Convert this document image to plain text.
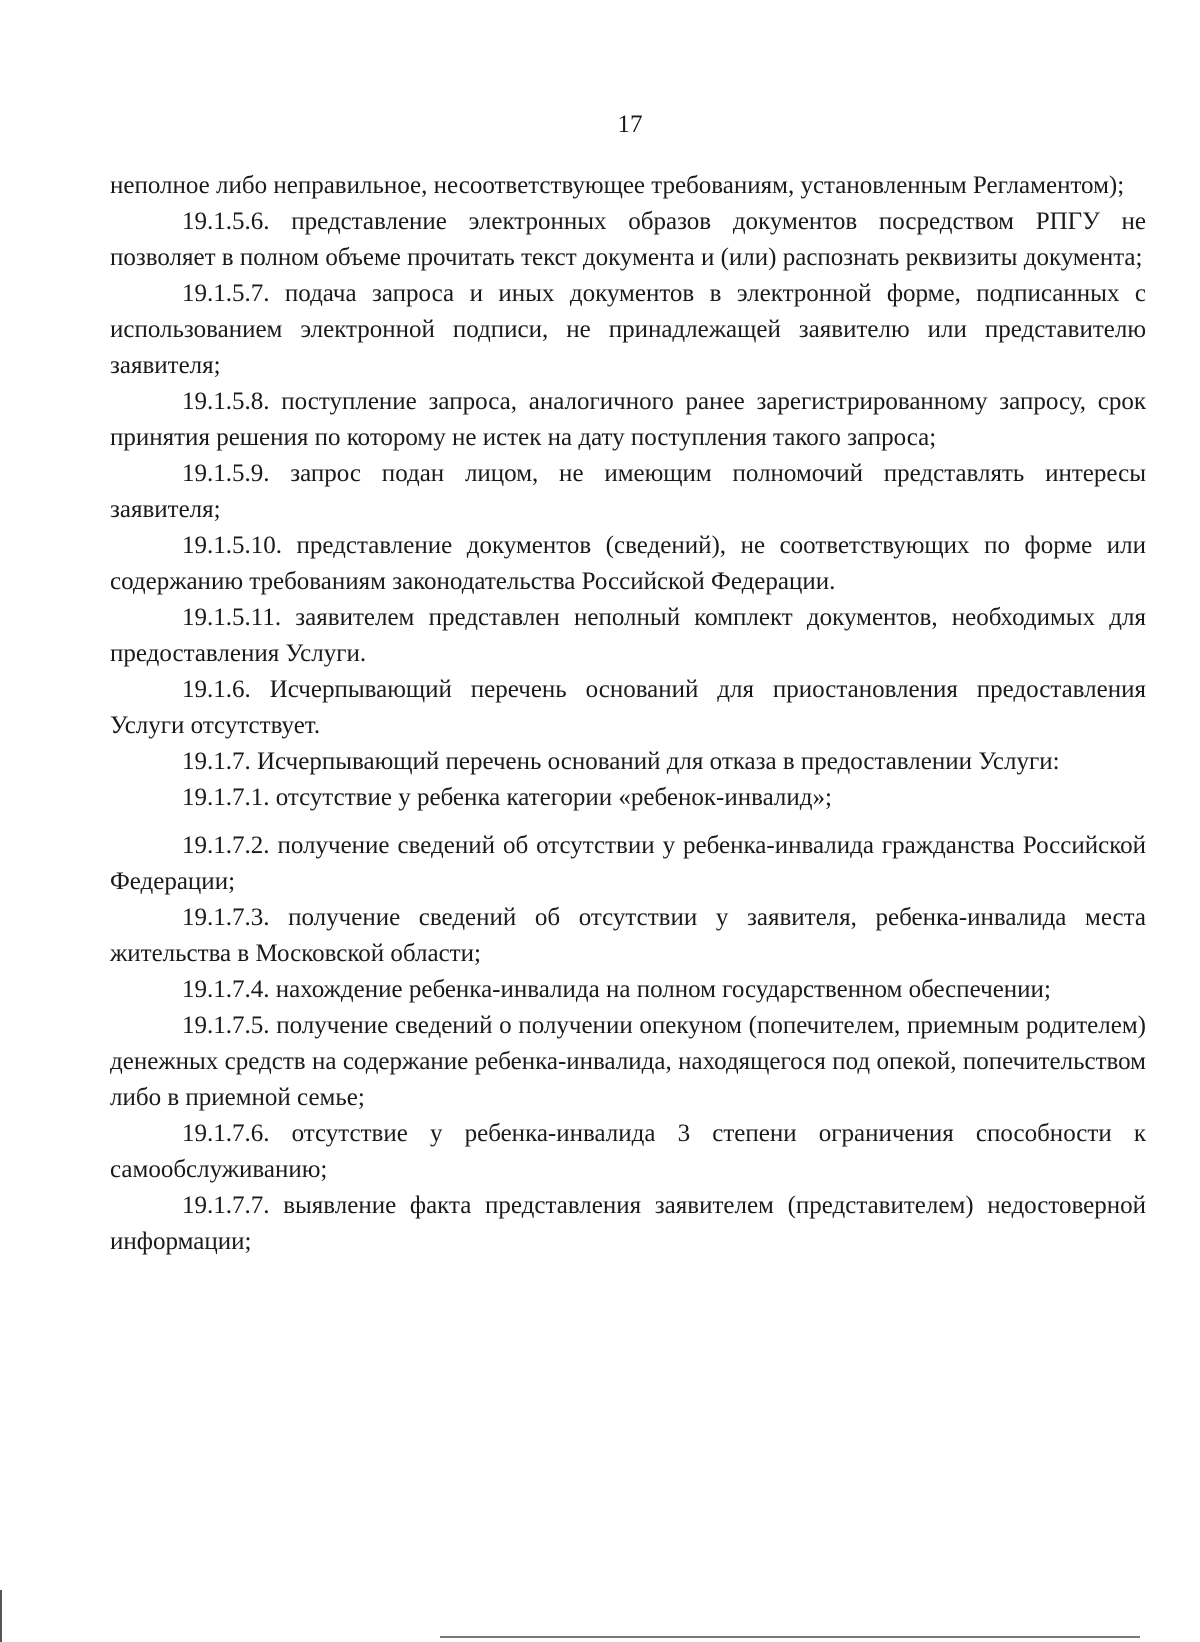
17

неполное либо неправильное, несоответствующее требованиям, установленным Регламентом);

19.1.5.6. представление электронных образов документов посредством РПГУ не позволяет в полном объеме прочитать текст документа и (или) распознать реквизиты документа;

19.1.5.7. подача запроса и иных документов в электронной форме, подписанных с использованием электронной подписи, не принадлежащей заявителю или представителю заявителя;

19.1.5.8. поступление запроса, аналогичного ранее зарегистрированному запросу, срок принятия решения по которому не истек на дату поступления такого запроса;

19.1.5.9. запрос подан лицом, не имеющим полномочий представлять интересы заявителя;

19.1.5.10. представление документов (сведений), не соответствующих по форме или содержанию требованиям законодательства Российской Федерации.

19.1.5.11. заявителем представлен неполный комплект документов, необходимых для предоставления Услуги.

19.1.6. Исчерпывающий перечень оснований для приостановления предоставления Услуги отсутствует.

19.1.7. Исчерпывающий перечень оснований для отказа в предоставлении Услуги:

19.1.7.1. отсутствие у ребенка категории «ребенок-инвалид»;

19.1.7.2. получение сведений об отсутствии у ребенка-инвалида гражданства Российской Федерации;

19.1.7.3. получение сведений об отсутствии у заявителя, ребенка-инвалида места жительства в Московской области;

19.1.7.4. нахождение ребенка-инвалида на полном государственном обеспечении;

19.1.7.5. получение сведений о получении опекуном (попечителем, приемным родителем) денежных средств на содержание ребенка-инвалида, находящегося под опекой, попечительством либо в приемной семье;

19.1.7.6. отсутствие у ребенка-инвалида 3 степени ограничения способности к самообслуживанию;

19.1.7.7. выявление факта представления заявителем (представителем) недостоверной информации;
